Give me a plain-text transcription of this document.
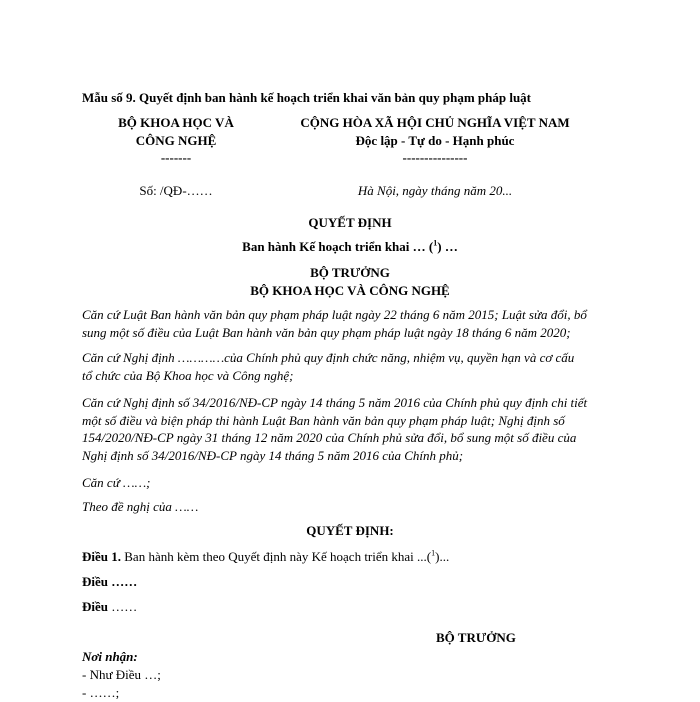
Mẫu số 9. Quyết định ban hành kế hoạch triển khai văn bản quy phạm pháp luật
BỘ KHOA HỌC VÀ
CÔNG NGHỆ
-------
Số: /QĐ-……
CỘNG HÒA XÃ HỘI CHỦ NGHĨA VIỆT NAM
Độc lập - Tự do - Hạnh phúc
---------------
Hà Nội, ngày tháng năm 20...
QUYẾT ĐỊNH
Ban hành Kế hoạch triển khai … ($^1$) …
BỘ TRƯỞNG
BỘ KHOA HỌC VÀ CÔNG NGHỆ
Căn cứ Luật Ban hành văn bản quy phạm pháp luật ngày 22 tháng 6 năm 2015; Luật sửa đổi, bổ
sung một số điều của Luật Ban hành văn bản quy phạm pháp luật ngày 18 tháng 6 năm 2020;
Căn cứ Nghị định …………của Chính phủ quy định chức năng, nhiệm vụ, quyền hạn và cơ cấu
tổ chức của Bộ Khoa học và Công nghệ;
Căn cứ Nghị định số 34/2016/NĐ-CP ngày 14 tháng 5 năm 2016 của Chính phủ quy định chi tiết
một số điều và biện pháp thi hành Luật Ban hành văn bản quy phạm pháp luật; Nghị định số
154/2020/NĐ-CP ngày 31 tháng 12 năm 2020 của Chính phủ sửa đổi, bổ sung một số điều của
Nghị định số 34/2016/NĐ-CP ngày 14 tháng 5 năm 2016 của Chính phủ;
Căn cứ ……;
Theo đề nghị của ……
QUYẾT ĐỊNH:
Điều 1. Ban hành kèm theo Quyết định này Kế hoạch triển khai ...($^1$)...
Điều ……
Điều ……
BỘ TRƯỞNG
Nơi nhận:
- Như Điều …;
- ……;
